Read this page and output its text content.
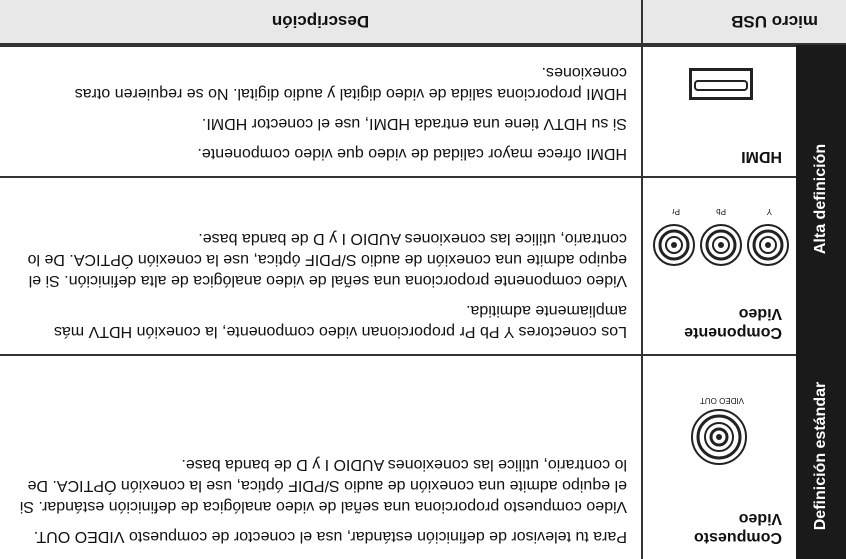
micro USB
Descripción
Definición estándar
Alta definición
Compuesto
Video
VIDEO OUT

Para tu televisor de definición estándar, usa el conector de compuesto VIDEO OUT.

Video compuesto proporciona una señal de video analógica de definición estándar. Si el equipo admite una conexión de audio S/PDIF óptica, use la conexión ÓPTICA. De lo contrario, utilice las conexiones AUDIO I y D de banda base.

Componente
Video
Y
Pb
Pr

Los conectores Y Pb Pr proporcionan video componente, la conexión HDTV más ampliamente admitida.

Video componente proporciona una señal de video analógica de alta definición. Si el equipo admite una conexión de audio S/PDIF óptica, use la conexión ÓPTICA. De lo contrario, utilice las conexiones AUDIO I y D de banda base.

HDMI

HDMI ofrece mayor calidad de video que video componente.

Si su HDTV tiene una entrada HDMI, use el conector HDMI.

HDMI proporciona salida de video digital y audio digital. No se requieren otras conexiones.
